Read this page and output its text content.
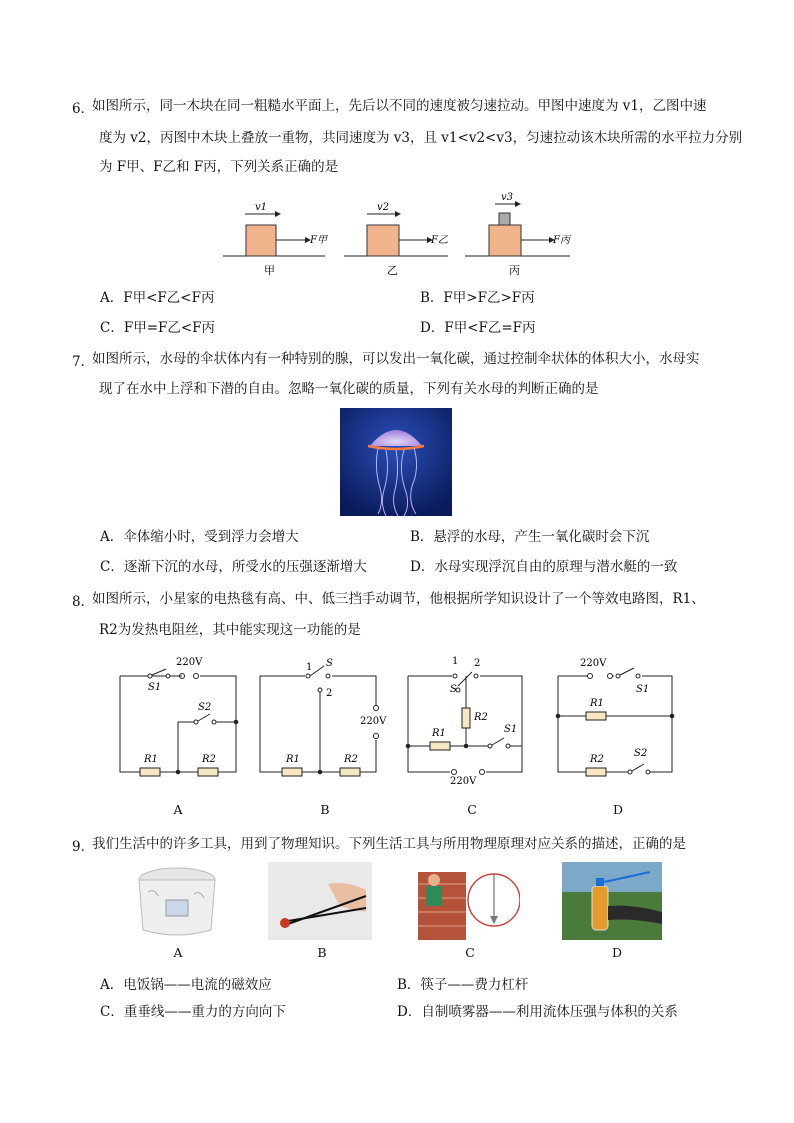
6．
如图所示，同一木块在同一粗糙水平面上，先后以不同的速度被匀速拉动。甲图中速度为 v1，乙图中速
度为 v2，丙图中木块上叠放一重物，共同速度为 v3，且 v1<v2<v3，匀速拉动该木块所需的水平拉力分别
为 F甲、F乙和 F丙，下列关系正确的是
v1
F甲
甲
v2
F乙
乙
v3
F丙
丙
A．F甲<F乙<F丙	B．F甲>F乙>F丙
C．F甲=F乙<F丙	D．F甲<F乙=F丙
7．
如图所示，水母的伞状体内有一种特别的腺，可以发出一氧化碳，通过控制伞状体的体积大小，水母实
现了在水中上浮和下潜的自由。忽略一氧化碳的质量，下列有关水母的判断正确的是
A．伞体缩小时，受到浮力会增大	B．悬浮的水母，产生一氧化碳时会下沉
C．逐渐下沉的水母，所受水的压强逐渐增大	D．水母实现浮沉自由的原理与潜水艇的一致
8．
如图所示，小星家的电热毯有高、中、低三挡手动调节，他根据所学知识设计了一个等效电路图，R1、
R2为发热电阻丝，其中能实现这一功能的是
220V
S1
S2
R1	R2
1 S
2
220V
R1	R2
1 2
S
R2
R1	S1
220V
220V
S1
R1
R2
S2
A	B	C	D
9．
我们生活中的许多工具，用到了物理知识。下列生活工具与所用物理原理对应关系的描述，正确的是
A	B	C	D
A．电饭锅——电流的磁效应	B．筷子——费力杠杆
C．重垂线——重力的方向向下	D．自制喷雾器——利用流体压强与体积的关系
